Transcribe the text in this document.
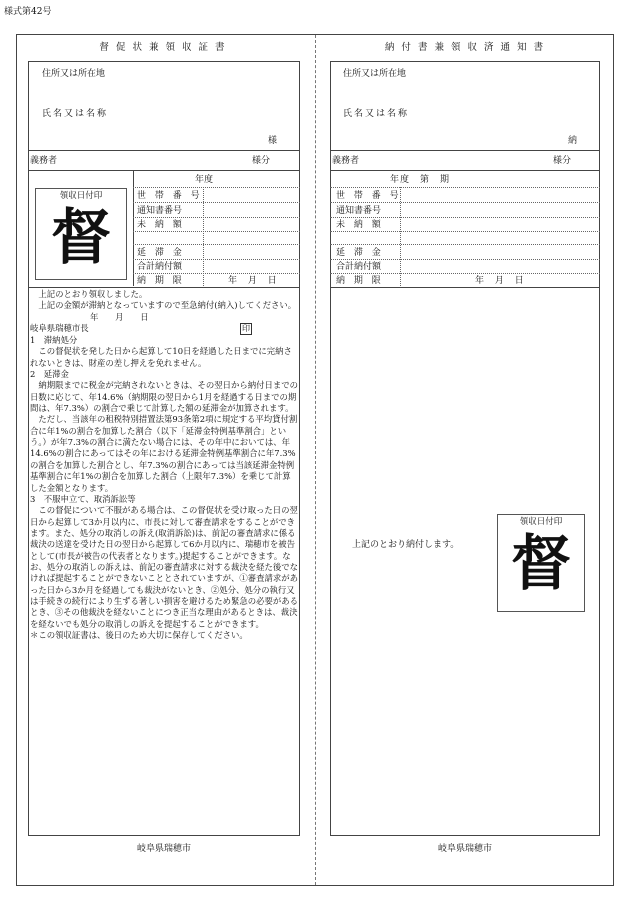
様式第42号
督 促 状 兼 領 収 証 書
住所又は所在地
氏名又は名称
様
義務者	様分
年度
世 帯 番 号
通知書番号
未 納 額
延 滞 金
合計納付額
納 期 限	年 月 日
領収日付印
督

上記のとおり領収しました。

上記の金額が滞納となっていますので至急納付(納入)してください。

年　　月　　日

岐阜県瑞穂市長	印

1　滞納処分

この督促状を発した日から起算して10日を経過した日までに完納されないときは、財産の差し押えを免れません。

2　延滞金

納期限までに税金が完納されないときは、その翌日から納付日までの日数に応じて、年14.6%（納期限の翌日から1月を経過する日までの期間は、年7.3%）の割合で乗じて計算した額の延滞金が加算されます。

ただし、当該年の租税特別措置法第93条第2項に規定する平均貸付割合に年1%の割合を加算した割合（以下「延滞金特例基準割合」という。）が年7.3%の割合に満たない場合には、その年中においては、年14.6%の割合にあってはその年における延滞金特例基準割合に年7.3%の割合を加算した割合とし、年7.3%の割合にあっては当該延滞金特例基準割合に年1%の割合を加算した割合（上限年7.3%）を乗じて計算した金額となります。

3　不服申立て、取消訴訟等

この督促について不服がある場合は、この督促状を受け取った日の翌日から起算して3か月以内に、市長に対して審査請求をすることができます。また、処分の取消しの訴え(取消訴訟)は、前記の審査請求に係る裁決の送達を受けた日の翌日から起算して6か月以内に、瑞穂市を被告として(市長が被告の代表者となります。)提起することができます。なお、処分の取消しの訴えは、前記の審査請求に対する裁決を経た後でなければ提起することができないこととされていますが、①審査請求があった日から3か月を経過しても裁決がないとき、②処分、処分の執行又は手続きの続行により生ずる著しい損害を避けるため緊急の必要があるとき、③その他裁決を経ないことにつき正当な理由があるときは、裁決を経ないでも処分の取消しの訴えを提起することができます。

＊この領収証書は、後日のため大切に保存してください。

岐阜県瑞穂市
納 付 書 兼 領 収 済 通 知 書
住所又は所在地
氏名又は名称
納
義務者	様分
年度　第　期
世 帯 番 号
通知書番号
未 納 額
延 滞 金
合計納付額
納 期 限	年 月 日
上記のとおり納付します。
領収日付印
督
岐阜県瑞穂市
